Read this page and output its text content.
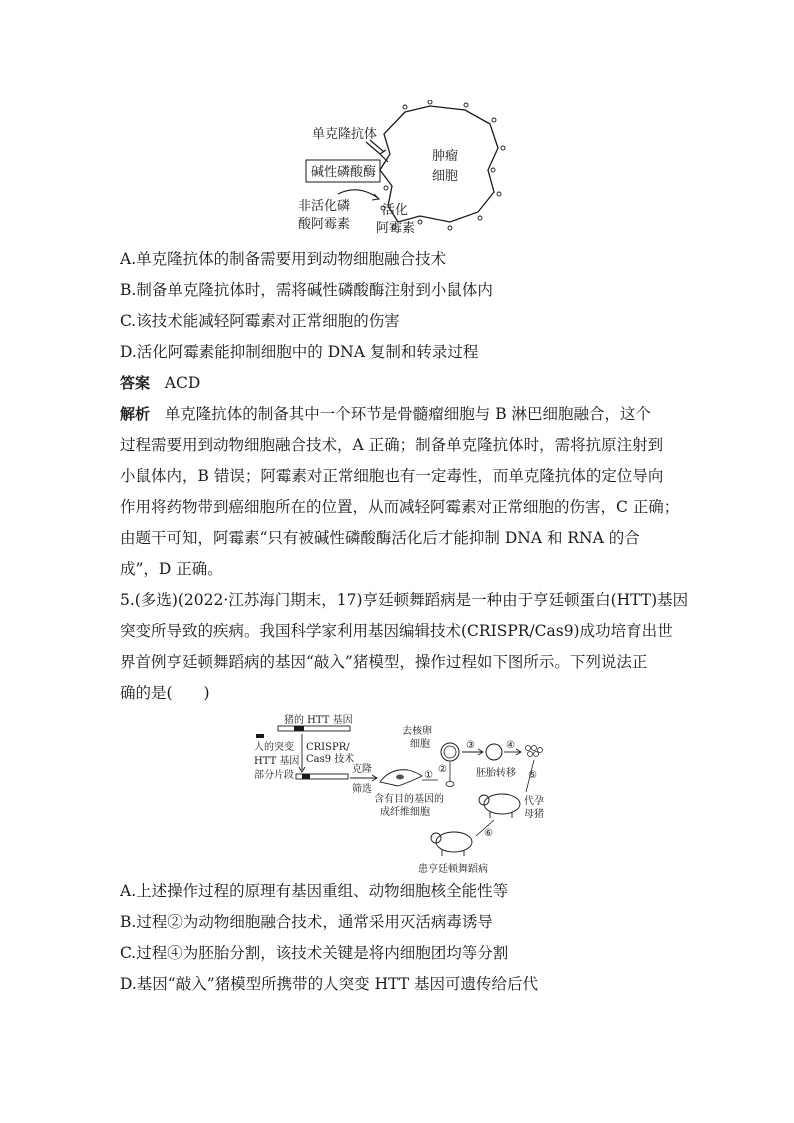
单克隆抗体
碱性磷酸酶
肿瘤
细胞
非活化磷
酸阿霉素
活化
阿霉素
A.单克隆抗体的制备需要用到动物细胞融合技术
B.制备单克隆抗体时，需将碱性磷酸酶注射到小鼠体内
C.该技术能减轻阿霉素对正常细胞的伤害
D.活化阿霉素能抑制细胞中的 DNA 复制和转录过程
答案 ACD
解析 单克隆抗体的制备其中一个环节是骨髓瘤细胞与 B 淋巴细胞融合，这个
过程需要用到动物细胞融合技术，A 正确；制备单克隆抗体时，需将抗原注射到
小鼠体内，B 错误；阿霉素对正常细胞也有一定毒性，而单克隆抗体的定位导向
作用将药物带到癌细胞所在的位置，从而减轻阿霉素对正常细胞的伤害，C 正确；
由题干可知，阿霉素“只有被碱性磷酸酶活化后才能抑制 DNA 和 RNA 的合
成”，D 正确。
5.(多选)(2022·江苏海门期末，17)亨廷顿舞蹈病是一种由于亨廷顿蛋白(HTT)基因
突变所导致的疾病。我国科学家利用基因编辑技术(CRISPR/Cas9)成功培育出世
界首例亨廷顿舞蹈病的基因“敲入”猪模型，操作过程如下图所示。下列说法正
确的是(　　)
猪的 HTT 基因
人的突变
HTT 基因
部分片段
CRISPR/
Cas9 技术
克隆
筛选
含有目的基因的
成纤维细胞
①
去核卵
细胞
②
③	④
胚胎转移 ⑤
代孕
母猪
⑥
患亨廷顿舞蹈病
A.上述操作过程的原理有基因重组、动物细胞核全能性等
B.过程②为动物细胞融合技术，通常采用灭活病毒诱导
C.过程④为胚胎分割，该技术关键是将内细胞团均等分割
D.基因“敲入”猪模型所携带的人突变 HTT 基因可遗传给后代
